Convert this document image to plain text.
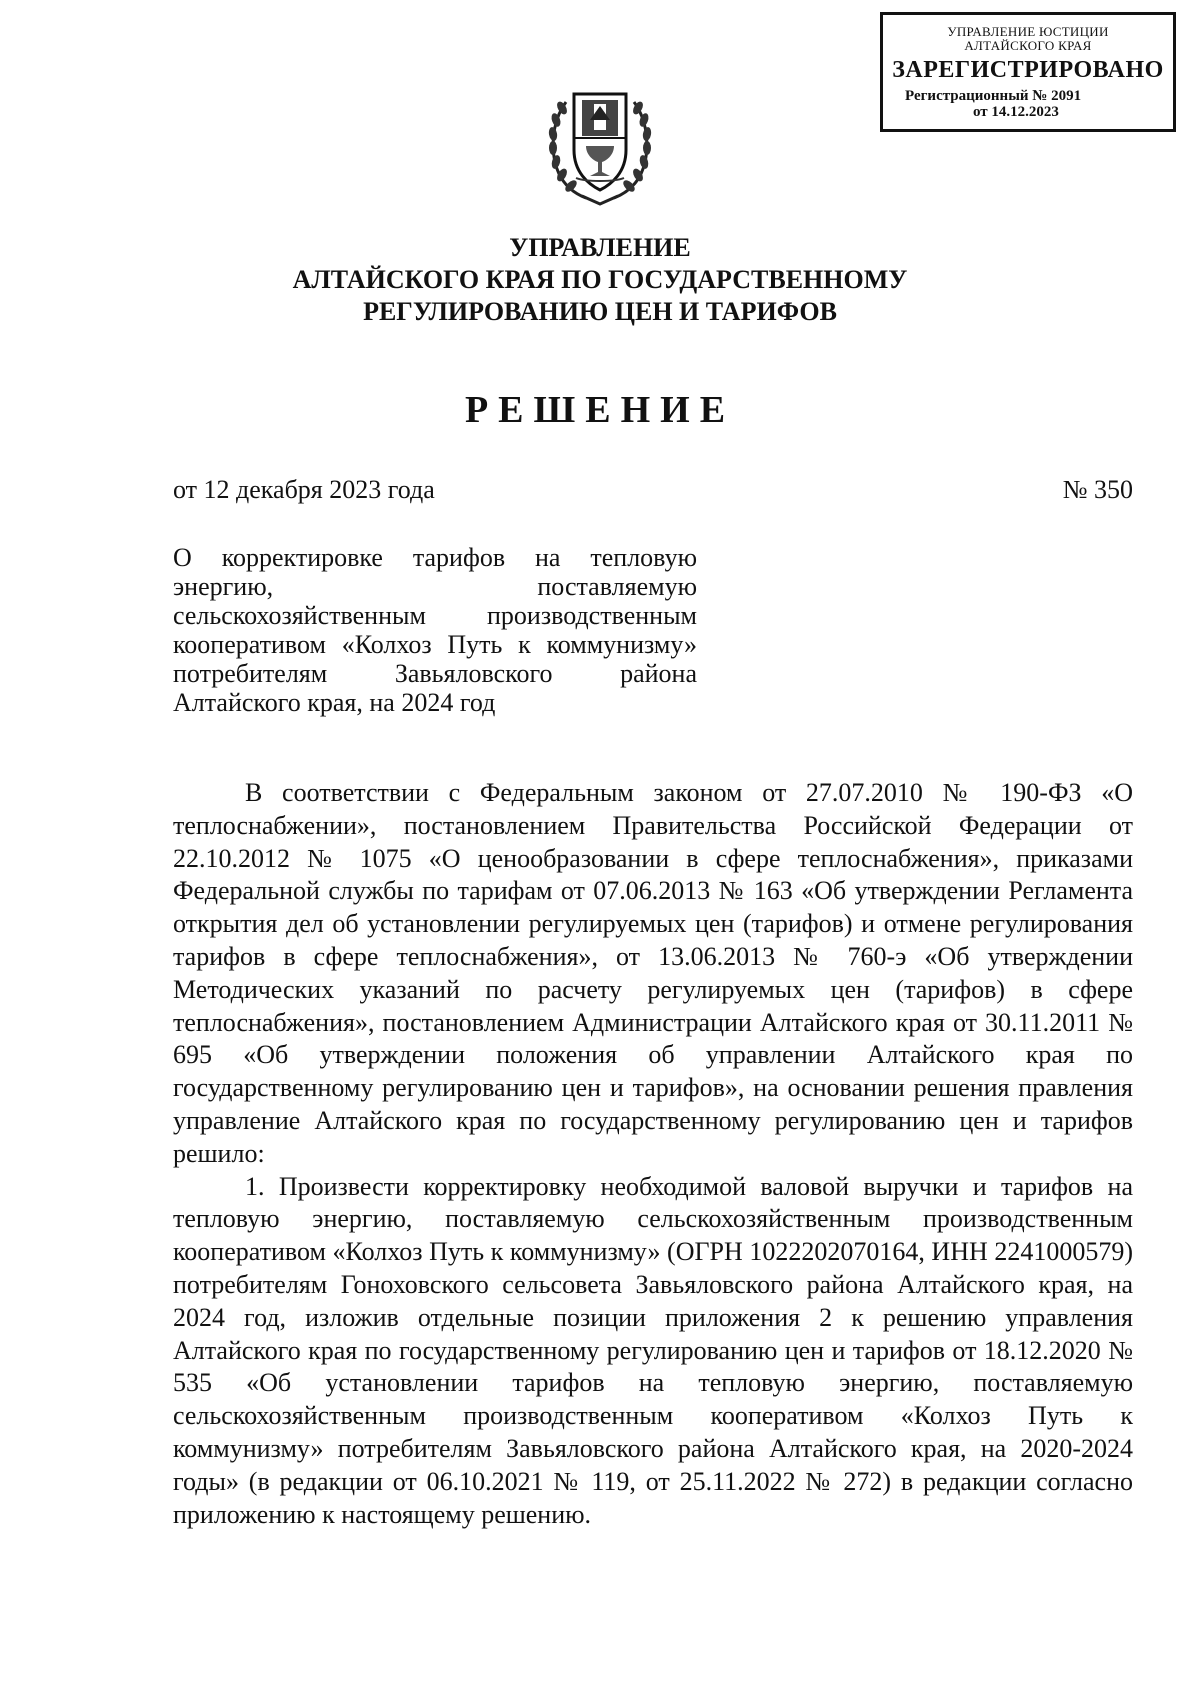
УПРАВЛЕНИЕ ЮСТИЦИИ
АЛТАЙСКОГО КРАЯ
ЗАРЕГИСТРИРОВАНО
Регистрационный № 2091
от 14.12.2023
УПРАВЛЕНИЕ
АЛТАЙСКОГО КРАЯ ПО ГОСУДАРСТВЕННОМУ
РЕГУЛИРОВАНИЮ ЦЕН И ТАРИФОВ
РЕШЕНИЕ
от 12 декабря 2023 года	№ 350
О корректировке тарифов на тепловую энергию, поставляемую сельскохозяйственным производственным кооперативом «Колхоз Путь к коммунизму» потребителям Завьяловского района Алтайского края, на 2024 год

В соответствии с Федеральным законом от 27.07.2010 № 190-ФЗ «О теплоснабжении», постановлением Правительства Российской Федерации от 22.10.2012 № 1075 «О ценообразовании в сфере теплоснабжения», приказами Федеральной службы по тарифам от 07.06.2013 № 163 «Об утверждении Регламента открытия дел об установлении регулируемых цен (тарифов) и отмене регулирования тарифов в сфере теплоснабжения», от 13.06.2013 № 760-э «Об утверждении Методических указаний по расчету регулируемых цен (тарифов) в сфере теплоснабжения», постановлением Администрации Алтайского края от 30.11.2011 № 695 «Об утверждении положения об управлении Алтайского края по государственному регулированию цен и тарифов», на основании решения правления управление Алтайского края по государственному регулированию цен и тарифов решило:

1. Произвести корректировку необходимой валовой выручки и тарифов на тепловую энергию, поставляемую сельскохозяйственным производственным кооперативом «Колхоз Путь к коммунизму» (ОГРН 1022202070164, ИНН 2241000579) потребителям Гоноховского сельсовета Завьяловского района Алтайского края, на 2024 год, изложив отдельные позиции приложения 2 к решению управления Алтайского края по государственному регулированию цен и тарифов от 18.12.2020 № 535 «Об установлении тарифов на тепловую энергию, поставляемую сельскохозяйственным производственным кооперативом «Колхоз Путь к коммунизму» потребителям Завьяловского района Алтайского края, на 2020-2024 годы» (в редакции от 06.10.2021 № 119, от 25.11.2022 № 272) в редакции согласно приложению к настоящему решению.
